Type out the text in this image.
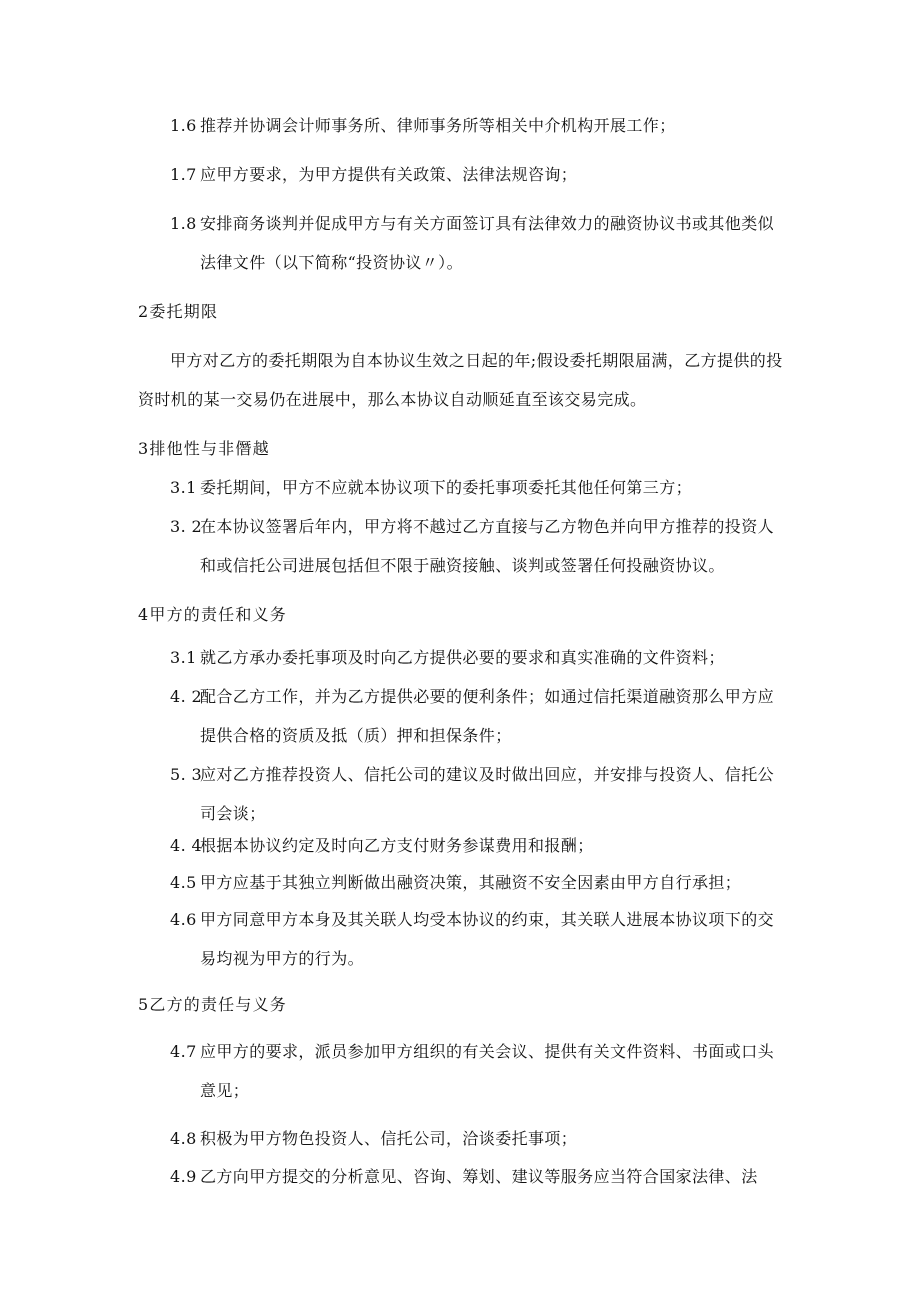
1.6 推荐并协调会计师事务所、律师事务所等相关中介机构开展工作；
1.7 应甲方要求，为甲方提供有关政策、法律法规咨询；
1.8 安排商务谈判并促成甲方与有关方面签订具有法律效力的融资协议书或其他类似法律文件（以下简称“投资协议〃）。
2委托期限
甲方对乙方的委托期限为自本协议生效之日起的年;假设委托期限届满，乙方提供的投资时机的某一交易仍在进展中，那么本协议自动顺延直至该交易完成。
3排他性与非僭越
3.1 委托期间，甲方不应就本协议项下的委托事项委托其他任何第三方；
3. 2
在本协议签署后年内，甲方将不越过乙方直接与乙方物色并向甲方推荐的投资人和或信托公司进展包括但不限于融资接触、谈判或签署任何投融资协议。
4甲方的责任和义务
3.1 就乙方承办委托事项及时向乙方提供必要的要求和真实准确的文件资料；
4. 2
配合乙方工作，并为乙方提供必要的便利条件；如通过信托渠道融资那么甲方应提供合格的资质及抵（质）押和担保条件；
5. 3
应对乙方推荐投资人、信托公司的建议及时做出回应，并安排与投资人、信托公司会谈；
4. 4
根据本协议约定及时向乙方支付财务参谋费用和报酬；
4.5 甲方应基于其独立判断做出融资决策，其融资不安全因素由甲方自行承担；
4.6 甲方同意甲方本身及其关联人均受本协议的约束，其关联人进展本协议项下的交易均视为甲方的行为。
5乙方的责任与义务
4.7 应甲方的要求，派员参加甲方组织的有关会议、提供有关文件资料、书面或口头意见；
4.8 积极为甲方物色投资人、信托公司，洽谈委托事项；
4.9 乙方向甲方提交的分析意见、咨询、筹划、建议等服务应当符合国家法律、法
